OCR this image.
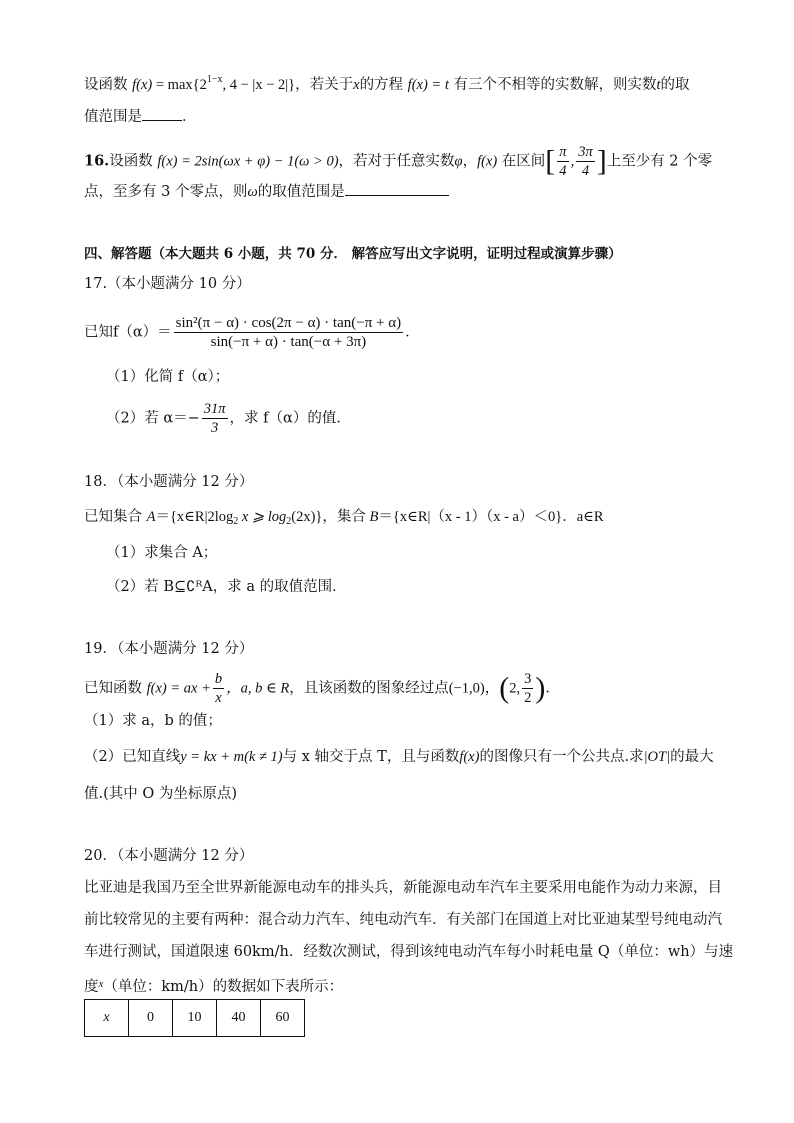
设函数 $f(x) = \max\{2^{1-x}$, 4 − |x − 2|}，若关于x的方程 f(x) = t 有三个不相等的实数解，则实数t的取
值范围是	．
16.设函数 f(x) = 2sin(ωx + φ) − 1(ω > 0)，若对于任意实数φ，f(x) 在区间[ $\frac{\pi}{4}$ , $\frac{3\pi}{4}$ ]上至少有 2 个零
点，至多有 3 个零点，则ω的取值范围是
四、解答题（本大题共 6 小题，共 70 分． 解答应写出文字说明，证明过程或演算步骤）
17.（本小题满分 10 分）
已知$f(\alpha)= \frac{\text{sin²(π − α) · cos(2π − α) · tan(−π + α)}}{\sin(-\pi + \alpha) \cdot \tan(-\alpha + 3\pi)}$ ．
（1）化简 f（α）；
（2）若 $\alpha=- \frac{31\pi}{3}$ ，求 f（α）的值．
18．（本小题满分 12 分）
已知集合 $A=\{x\in R|2\log_2$ x ⩾ $\log_2(2x)$}，集合 B＝{x∈R|（x - 1）（x - a）＜0}．a∈R
（1）求集合 A；
（2）若 B⊆∁ᴿA，求 a 的取值范围．
19．（本小题满分 12 分）
已知函数 f(x) = ax + $\frac{b}{x}$ ，a, b ∈ R，且该函数的图象经过点(−1,0)，(2, $\frac{3}{2}$ )．
（1）求 a，b 的值；
（2）已知直线y = kx + m(k ≠ 1)与 x 轴交于点 T，且与函数f(x)的图像只有一个公共点.求|OT|的最大
值.(其中 O 为坐标原点)
20．（本小题满分 12 分）
比亚迪是我国乃至全世界新能源电动车的排头兵，新能源电动车汽车主要采用电能作为动力来源，目
前比较常见的主要有两种：混合动力汽车、纯电动汽车．有关部门在国道上对比亚迪某型号纯电动汽
车进行测试，国道限速 60km/h．经数次测试，得到该纯电动汽车每小时耗电量 Q（单位：wh）与速
度$^x$（单位：km/h）的数据如下表所示：
x	0	10	40	60
